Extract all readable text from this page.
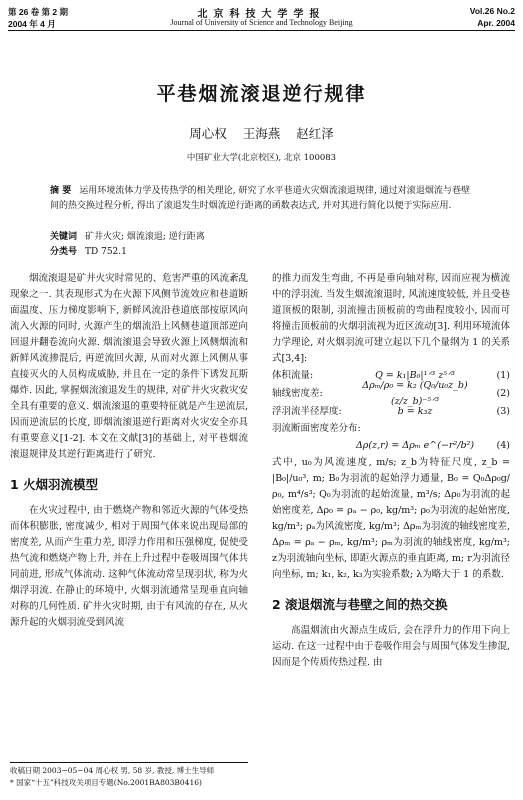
第 26 卷 第 2 期
2004 年 4 月
北京科技大学学报
Journal of University of Science and Technology Beijing
Vol.26 No.2
Apr. 2004
平巷烟流滚退逆行规律
周心权 王海燕 赵红泽
中国矿业大学(北京校区), 北京 100083
摘 要 运用环境流体力学及传热学的相关理论, 研究了水平巷道火灾烟流滚退规律, 通过对滚退烟流与巷壁间的热交换过程分析, 得出了滚退发生时烟流逆行距离的函数表达式, 并对其进行简化以便于实际应用.
关键词 矿井火灾; 烟流滚退; 逆行距离
分类号 TD 752.1

烟流滚退是矿井火灾时常见的、危害严重的风流紊乱现象之一. 其表现形式为在火源下风侧节流效应和巷道断面温度、压力梯度影响下, 新鲜风流沿巷道底部按原风向流入火源的同时, 火源产生的烟流沿上风侧巷道顶部逆向回退并翻卷流向火源. 烟流滚退会导致火源上风侧烟流和新鲜风流掺混后, 再逆流回火源, 从而对火源上风侧从事直接灭火的人员构成威胁, 并且在一定的条件下诱发瓦斯爆炸. 因此, 掌握烟流滚退发生的规律, 对矿井火灾救灾安全具有重要的意义. 烟流滚退的重要特征就是产生逆流层, 因而逆流层的长度, 即烟流滚退逆行距离对火灾安全亦具有重要意义[1-2]. 本文在文献[3]的基础上, 对平巷烟流滚退规律及其逆行距离进行了研究.

1 火烟羽流模型

在火灾过程中, 由于燃烧产物和邻近火源的气体受热而体积膨胀, 密度减少, 相对于周围气体来说出现局部的密度差, 从而产生重力差, 即浮力作用和压强梯度, 促使受热气流和燃烧产物上升, 并在上升过程中卷吸周围气体共同前进, 形成气体流动. 这种气体流动常呈现羽状, 称为火烟浮羽流. 在静止的环境中, 火烟羽流通常呈现垂直向轴对称的几何性质. 矿井火灾时期, 由于有风流的存在, 从火源升起的火烟羽流受到风流

的推力而发生弯曲, 不再是垂向轴对称, 因而应视为横流中的浮羽流. 当发生烟流滚退时, 风流速度较低, 并且受巷道顶板的限制, 羽流撞击顶板前的弯曲程度较小, 因而可将撞击顶板前的火烟羽流视为近区流动[3]. 利用环境流体力学理论, 对火烟羽流可建立起以下几个量纲为 1 的关系式[3,4]:

体积流量:	Q = k₁|B₀|¹ᐟ³ z⁵ᐟ³	(1)
轴线密度差:
Δρₘ/ρ₀ = k₂ (Q₀/u₀z_b)(z/z_b)⁻⁵ᐟ³
(2)
浮羽流半径厚度:	b = k₃z	(3)

羽流断面密度差分布:

Δρ(z,r) = Δρₘ e^(−r²/b²)	(4)

式中, u₀为风流速度, m/s; z_b为特征尺度, z_b = |B₀|/u₀³, m; B₀为羽流的起始浮力通量, B₀ = Q₀Δρ₀g/ρ₀, m⁴/s³; Q₀为羽流的起始流量, m³/s; Δρ₀为羽流的起始密度差, Δρ₀ = ρₐ − ρ₀, kg/m³; ρ₀为羽流的起始密度, kg/m³; ρₐ为风流密度, kg/m³; Δρₘ为羽流的轴线密度差, Δρₘ = ρₐ − ρₘ, kg/m³; ρₘ为羽流的轴线密度, kg/m³; z为羽流轴向坐标, 即距火源点的垂直距离, m; r为羽流径向坐标, m; k₁, k₂, k₃为实验系数; λ为略大于 1 的系数.

2 滚退烟流与巷壁之间的热交换

高温烟流由火源点生成后, 会在浮升力的作用下向上运动. 在这一过程中由于卷吸作用会与周围气体发生掺混, 因而是个传质传热过程. 由

收稿日期 2003−05−04 周心权 男, 58 岁, 教授, 博士生导师
* 国家“十五”科技攻关项目专题(No.2001BA803B0416)
